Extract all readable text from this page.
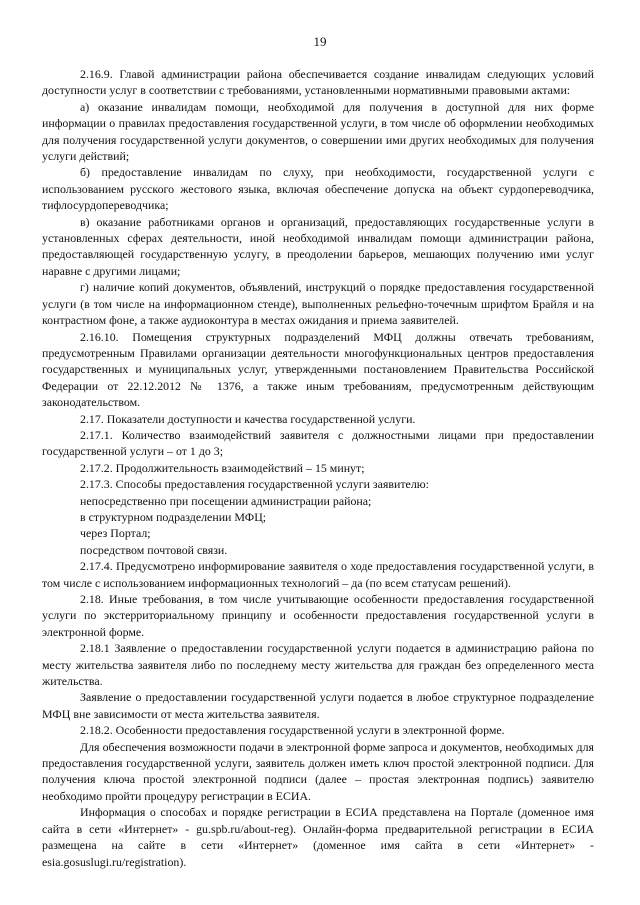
19

2.16.9. Главой администрации района обеспечивается создание инвалидам следующих условий доступности услуг в соответствии с требованиями, установленными нормативными правовыми актами:

а) оказание инвалидам помощи, необходимой для получения в доступной для них форме информации о правилах предоставления государственной услуги, в том числе об оформлении необходимых для получения государственной услуги документов, о совершении ими других необходимых для получения услуги действий;

б) предоставление инвалидам по слуху, при необходимости, государственной услуги с использованием русского жестового языка, включая обеспечение допуска на объект сурдопереводчика, тифлосурдопереводчика;

в) оказание работниками органов и организаций, предоставляющих государственные услуги в установленных сферах деятельности, иной необходимой инвалидам помощи администрации района, предоставляющей государственную услугу, в преодолении барьеров, мешающих получению ими услуг наравне с другими лицами;

г) наличие копий документов, объявлений, инструкций о порядке предоставления государственной услуги (в том числе на информационном стенде), выполненных рельефно-точечным шрифтом Брайля и на контрастном фоне, а также аудиоконтура в местах ожидания и приема заявителей.

2.16.10. Помещения структурных подразделений МФЦ должны отвечать требованиям, предусмотренным Правилами организации деятельности многофункциональных центров предоставления государственных и муниципальных услуг, утвержденными постановлением Правительства Российской Федерации от 22.12.2012 № 1376, а также иным требованиям, предусмотренным действующим законодательством.

2.17. Показатели доступности и качества государственной услуги.

2.17.1. Количество взаимодействий заявителя с должностными лицами при предоставлении государственной услуги – от 1 до 3;

2.17.2. Продолжительность взаимодействий – 15 минут;

2.17.3. Способы предоставления государственной услуги заявителю:

непосредственно при посещении администрации района;

в структурном подразделении МФЦ;

через Портал;

посредством почтовой связи.

2.17.4. Предусмотрено информирование заявителя о ходе предоставления государственной услуги, в том числе с использованием информационных технологий – да (по всем статусам решений).

2.18. Иные требования, в том числе учитывающие особенности предоставления государственной услуги по экстерриториальному принципу и особенности предоставления государственной услуги в электронной форме.

2.18.1 Заявление о предоставлении государственной услуги подается в администрацию района по месту жительства заявителя либо по последнему месту жительства для граждан без определенного места жительства.

Заявление о предоставлении государственной услуги подается в любое структурное подразделение МФЦ вне зависимости от места жительства заявителя.

2.18.2. Особенности предоставления государственной услуги в электронной форме.

Для обеспечения возможности подачи в электронной форме запроса и документов, необходимых для предоставления государственной услуги, заявитель должен иметь ключ простой электронной подписи. Для получения ключа простой электронной подписи (далее – простая электронная подпись) заявителю необходимо пройти процедуру регистрации в ЕСИА.

Информация о способах и порядке регистрации в ЕСИА представлена на Портале (доменное имя сайта в сети «Интернет» - gu.spb.ru/about-reg). Онлайн-форма предварительной регистрации в ЕСИА размещена на сайте в сети «Интернет» (доменное имя сайта в сети «Интернет» - esia.gosuslugi.ru/registration).
